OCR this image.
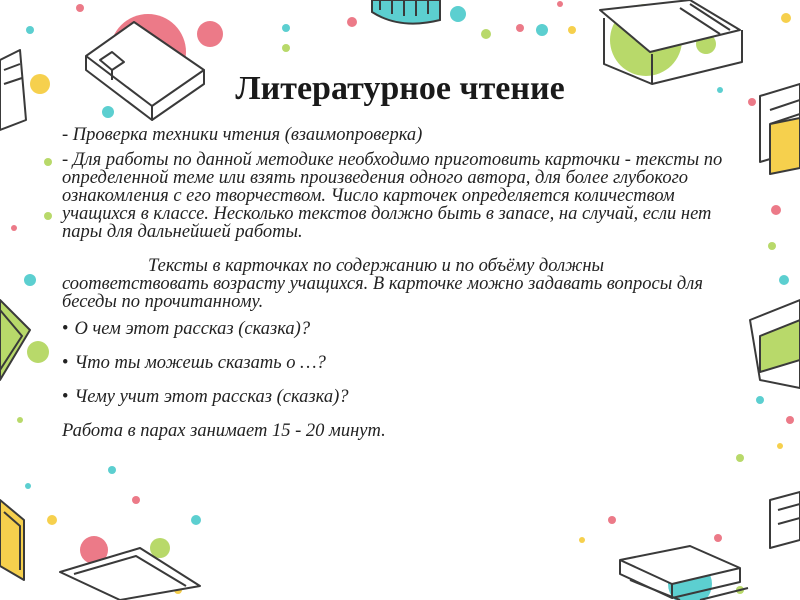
Литературное чтение

- Проверка техники чтения (взаимопроверка)

- Для работы по данной методике необходимо приготовить карточки - тексты по определенной теме или взять произведения одного автора, для более глубокого ознакомления с его творчеством. Число карточек определяется количеством учащихся в классе. Несколько текстов должно быть в запасе, на случай, если нет пары для дальнейшей работы.

Тексты в карточках по содержанию и по объёму должны соответствовать возрасту учащихся. В карточке можно задавать вопросы для беседы по прочитанному.

• О чем этот рассказ (сказка)?
• Что ты можешь сказать о …?
• Чему учит этот рассказ (сказка)?

Работа в парах занимает 15 - 20 минут.
